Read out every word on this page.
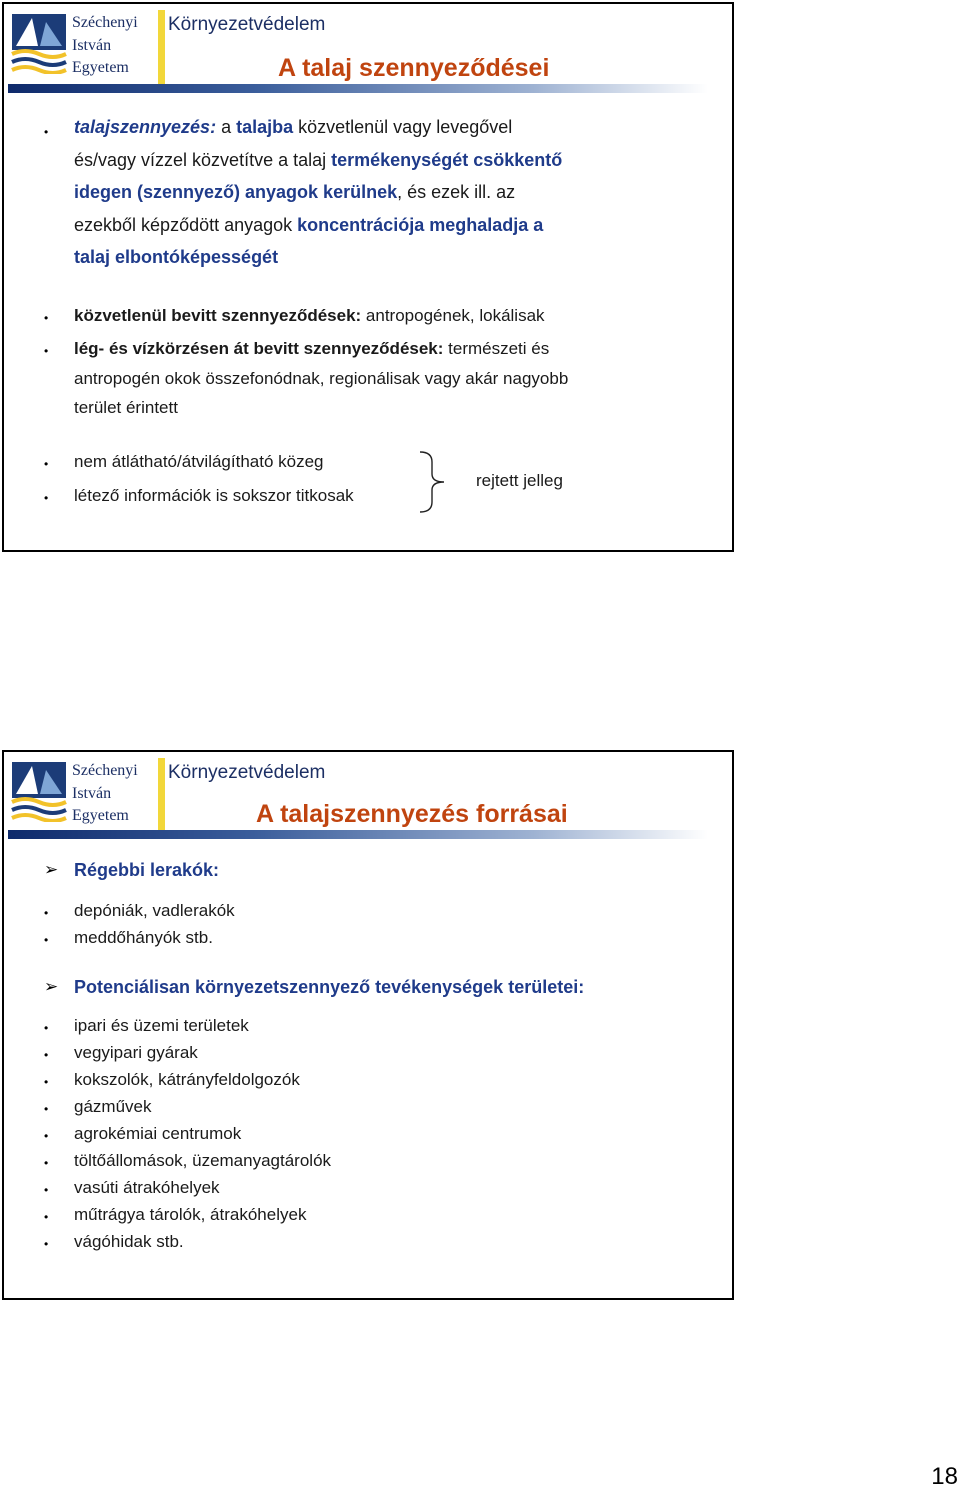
Széchenyi
István
Egyetem
Környezetvédelem
A talaj szennyeződései
• talajszennyezés: a talajba közvetlenül vagy levegővel
és/vagy vízzel közvetítve a talaj termékenységét csökkentő
idegen (szennyező) anyagok kerülnek, és ezek ill. az
ezekből képződött anyagok koncentrációja meghaladja a
talaj elbontóképességét
• közvetlenül bevitt szennyeződések: antropogének, lokálisak
• lég- és vízkörzésen át bevitt szennyeződések: természeti és
antropogén okok összefonódnak, regionálisak vagy akár nagyobb
terület érintett
• nem átlátható/átvilágítható közeg
• létező információk is sokszor titkosak
rejtett jelleg
Széchenyi
István
Egyetem
Környezetvédelem
A talajszennyezés forrásai
➢ Régebbi lerakók:
• depóniák, vadlerakók
• meddőhányók stb.
➢ Potenciálisan környezetszennyező tevékenységek területei:
• ipari és üzemi területek
• vegyipari gyárak
• kokszolók, kátrányfeldolgozók
• gázművek
• agrokémiai centrumok
• töltőállomások, üzemanyagtárolók
• vasúti átrakóhelyek
• műtrágya tárolók, átrakóhelyek
• vágóhidak stb.
18
